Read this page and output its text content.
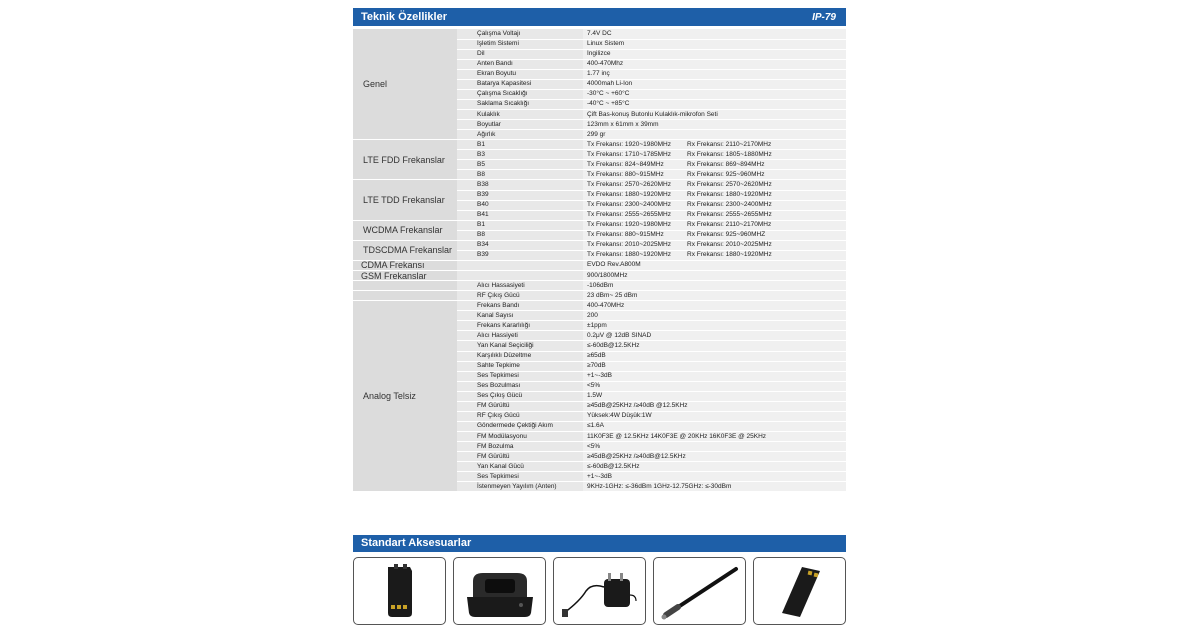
Teknik Özellikler	IP-79
Genel	Çalışma Voltajı	7.4V DC
	İşletim Sistemi	Linux Sistem
	Dil	İngilizce
	Anten Bandı	400-470Mhz
	Ekran Boyutu	1.77 inç
	Batarya Kapasitesi	4000mah Li-Ion
	Çalışma Sıcaklığı	-30°C ~ +60°C
	Saklama Sıcaklığı	-40°C ~ +85°C
	Kulaklık	Çift Bas-konuş Butonlu Kulaklık-mikrofon Seti
	Boyutlar	123mm x 61mm x 39mm
	Ağırlık	299 gr
LTE FDD Frekanslar	B1	Tx Frekansı: 1920~1980MHz Rx Frekansı: 2110~2170MHz
	B3	Tx Frekansı: 1710~1785MHz Rx Frekansı: 1805~1880MHz
	B5	Tx Frekansı: 824~849MHz Rx Frekansı: 869~894MHz
	B8	Tx Frekansı: 880~915MHz Rx Frekansı: 925~960MHz
LTE TDD Frekanslar	B38	Tx Frekansı: 2570~2620MHz Rx Frekansı: 2570~2620MHz
	B39	Tx Frekansı: 1880~1920MHz Rx Frekansı: 1880~1920MHz
	B40	Tx Frekansı: 2300~2400MHz Rx Frekansı: 2300~2400MHz
	B41	Tx Frekansı: 2555~2655MHz Rx Frekansı: 2555~2655MHz
WCDMA Frekanslar	B1	Tx Frekansı: 1920~1980MHz Rx Frekansı: 2110~2170MHz
	B8	Tx Frekansı: 880~915MHz Rx Frekansı: 925~960MHZ
TDSCDMA Frekanslar	B34	Tx Frekansı: 2010~2025MHz Rx Frekansı: 2010~2025MHz
	B39	Tx Frekansı: 1880~1920MHz Rx Frekansı: 1880~1920MHz
CDMA Frekansı		EVDO Rev.A800M
GSM Frekanslar		900/1800MHz
	Alıcı Hassasiyeti	-106dBm
	RF Çıkış Gücü	23 dBm~ 25 dBm
Analog Telsiz	Frekans Bandı	400-470MHz
	Kanal Sayısı	200
	Frekans Kararlılığı	±1ppm
	Alıcı Hassiyeti	0.2μV @ 12dB SINAD
	Yan Kanal Seçiciliği	≤-60dB@12.5KHz
	Karşılıklı Düzeltme	≥65dB
	Sahte Tepkime	≥70dB
	Ses Tepkimesi	+1~-3dB
	Ses Bozulması	<5%
	Ses Çıkış Gücü	1.5W
	FM Gürültü	≥45dB@25KHz /≥40dB @12.5KHz
	RF Çıkış Gücü	Yüksek:4W Düşük:1W
	Göndermede Çektiği Akım	≤1.6A
	FM Modülasyonu	11K0F3E @ 12.5KHz 14K0F3E @ 20KHz 16K0F3E @ 25KHz
	FM Bozulma	<5%
	FM Gürültü	≥45dB@25KHz /≥40dB@12.5KHz
	Yan Kanal Gücü	≤-60dB@12.5KHz
	Ses Tepkimesi	+1~-3dB
	İstenmeyen Yayılım (Anten)	9KHz-1GHz: ≤-36dBm 1GHz-12.75GHz: ≤-30dBm
Standart Aksesuarlar
